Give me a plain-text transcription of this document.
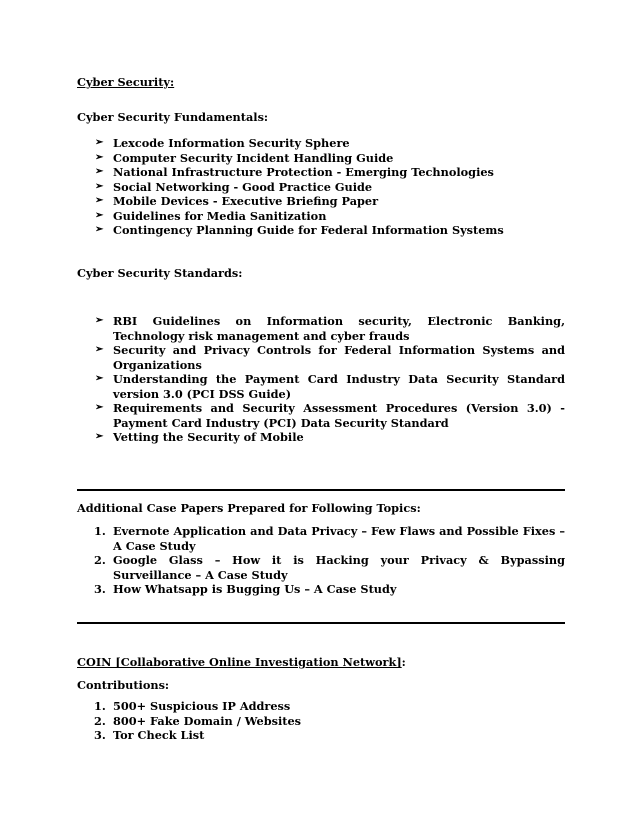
Cyber Security:
Cyber Security Fundamentals:
➢ Lexcode Information Security Sphere
➢ Computer Security Incident Handling Guide
➢ National Infrastructure Protection - Emerging Technologies
➢ Social Networking - Good Practice Guide
➢ Mobile Devices - Executive Briefing Paper
➢ Guidelines for Media Sanitization
➢ Contingency Planning Guide for Federal Information Systems
Cyber Security Standards:
➢ RBI Guidelines on Information security, Electronic Banking, Technology risk management and cyber frauds
➢ Security and Privacy Controls for Federal Information Systems and Organizations
➢ Understanding the Payment Card Industry Data Security Standard version 3.0 (PCI DSS Guide)
➢ Requirements and Security Assessment Procedures (Version 3.0) - Payment Card Industry (PCI) Data Security Standard
➢ Vetting the Security of Mobile
Additional Case Papers Prepared for Following Topics:
1. Evernote Application and Data Privacy – Few Flaws and Possible Fixes –A Case Study
2. Google Glass – How it is Hacking your Privacy & Bypassing Surveillance – A Case Study
3. How Whatsapp is Bugging Us – A Case Study
COIN [Collaborative Online Investigation Network]:
Contributions:
1. 500+ Suspicious IP Address
2. 800+ Fake Domain / Websites
3. Tor Check List
